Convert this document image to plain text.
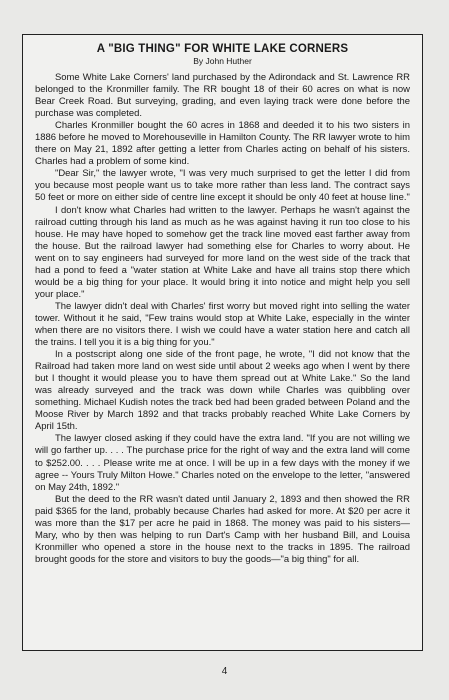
A "BIG THING" FOR WHITE LAKE CORNERS
By John Huther

Some White Lake Corners' land purchased by the Adirondack and St. Lawrence RR belonged to the Kronmiller family. The RR bought 18 of their 60 acres on what is now Bear Creek Road. But surveying, grading, and even laying track were done before the purchase was completed.

Charles Kronmiller bought the 60 acres in 1868 and deeded it to his two sisters in 1886 before he moved to Morehouseville in Hamilton County. The RR lawyer wrote to him there on May 21, 1892 after getting a letter from Charles acting on behalf of his sisters. Charles had a problem of some kind.

"Dear Sir," the lawyer wrote, "I was very much surprised to get the letter I did from you because most people want us to take more rather than less land. The contract says 50 feet or more on either side of centre line except it should be only 40 feet at house line."

I don't know what Charles had written to the lawyer. Perhaps he wasn't against the railroad cutting through his land as much as he was against having it run too close to his house. He may have hoped to somehow get the track line moved east farther away from the house. But the railroad lawyer had something else for Charles to worry about. He went on to say engineers had surveyed for more land on the west side of the track that had a pond to feed a "water station at White Lake and have all trains stop there which would be a big thing for your place. It would bring it into notice and might help you sell your place."

The lawyer didn't deal with Charles' first worry but moved right into selling the water tower. Without it he said, "Few trains would stop at White Lake, especially in the winter when there are no visitors there. I wish we could have a water station here and catch all the trains. I tell you it is a big thing for you."

In a postscript along one side of the front page, he wrote, "I did not know that the Railroad had taken more land on west side until about 2 weeks ago when I went by there but I thought it would please you to have them spread out at White Lake." So the land was already surveyed and the track was down while Charles was quibbling over something. Michael Kudish notes the track bed had been graded between Poland and the Moose River by March 1892 and that tracks probably reached White Lake Corners by April 15th.

The lawyer closed asking if they could have the extra land. "If you are not willing we will go farther up. . . . The purchase price for the right of way and the extra land will come to $252.00. . . . Please write me at once. I will be up in a few days with the money if we agree -- Yours Truly Milton Howe." Charles noted on the envelope to the letter, "answered on May 24th, 1892."

But the deed to the RR wasn't dated until January 2, 1893 and then showed the RR paid $365 for the land, probably because Charles had asked for more. At $20 per acre it was more than the $17 per acre he paid in 1868. The money was paid to his sisters—Mary, who by then was helping to run Dart's Camp with her husband Bill, and Louisa Kronmiller who opened a store in the house next to the tracks in 1895. The railroad brought goods for the store and visitors to buy the goods—"a big thing" for all.

4
